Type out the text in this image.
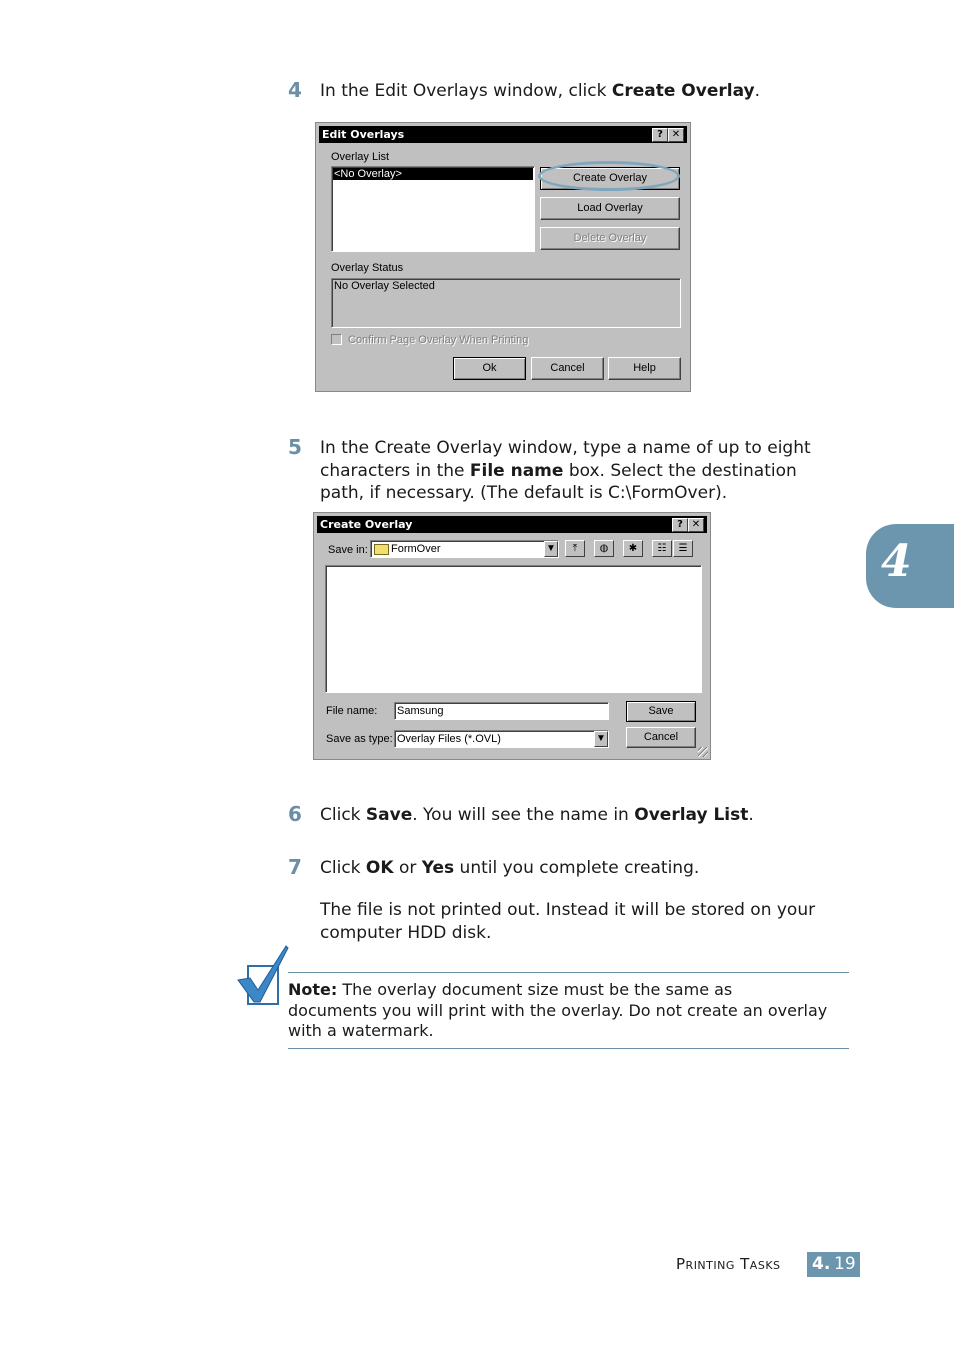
4
4 In the Edit Overlays window, click Create Overlay.
Edit Overlays	? ✕
Overlay List
<No Overlay>	Create Overlay
Load Overlay
Delete Overlay
Overlay Status
No Overlay Selected
Confirm Page Overlay When Printing
Ok	Cancel	Help
5 In the Create Overlay window, type a name of up to eight
characters in the File name box. Select the destination
path, if necessary. (The default is C:\FormOver).
Create Overlay	? ✕
Save in: FormOver	▼	⤒	◍	✱	☷	☰
File name: Samsung
Save as type: Overlay Files (*.OVL)	▼
Save
Cancel
6 Click Save. You will see the name in Overlay List.
7 Click OK or Yes until you complete creating.
The file is not printed out. Instead it will be stored on your
computer HDD disk.
Note: The overlay document size must be the same as
documents you will print with the overlay. Do not create an overlay
with a watermark.
Printing Tasks 4. 19
